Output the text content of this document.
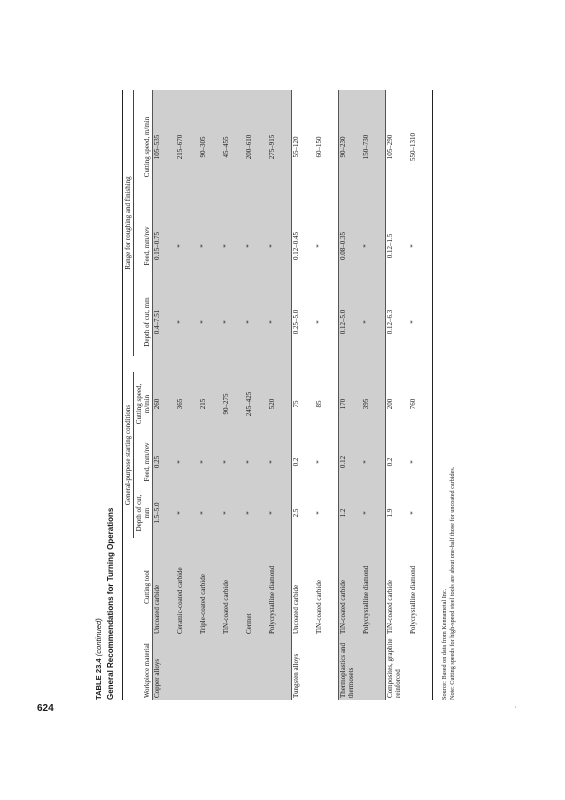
624	·
TABLE 23.4 (continued) General Recommendations for Turning Operations
		General-purpose starting conditions				Range for roughing and finishing		
Workpiece material	Cutting tool	Depth of cut, mm	Feed, mm/rev	Cutting speed, m/min		Depth of cut, mm	Feed, mm/rev	Cutting speed, m/min
Copper alloys	Uncoated carbide	1.5–5.0	0.25	260		0.4–7.51	0.15–0.75	105–535
	Ceramic-coated carbide	*	*	365		*	*	215–670
	Triple-coated carbide	*	*	215		*	*	90–305
	TiN-coated carbide	*	*	90–275		*	*	45–455
	Cermet	*	*	245–425		*	*	200–610
	Polycrystalline diamond	*	*	520		*	*	275–915
Tungsten alloys	Uncoated carbide	2.5	0.2	75		0.25–5.0	0.12–0.45	55–120
	TiN-coated carbide	*	*	85		*	*	60–150
Thermoplastics and thermosets	TiN-coated carbide	1.2	0.12	170		0.12–5.0	0.08–0.35	90–230
	Polycrystalline diamond	*	*	395		*	*	150–730
Composites, graphite reinforced	TiN-coated carbide	1.9	0.2	200		0.12–6.3	0.12–1.5	105–290
	Polycrystalline diamond	*	*	760		*	*	550–1310
Source: Based on data from Kennametal Inc. Note: Cutting speeds for high-speed steel tools are about one-half those for uncoated carbides.
